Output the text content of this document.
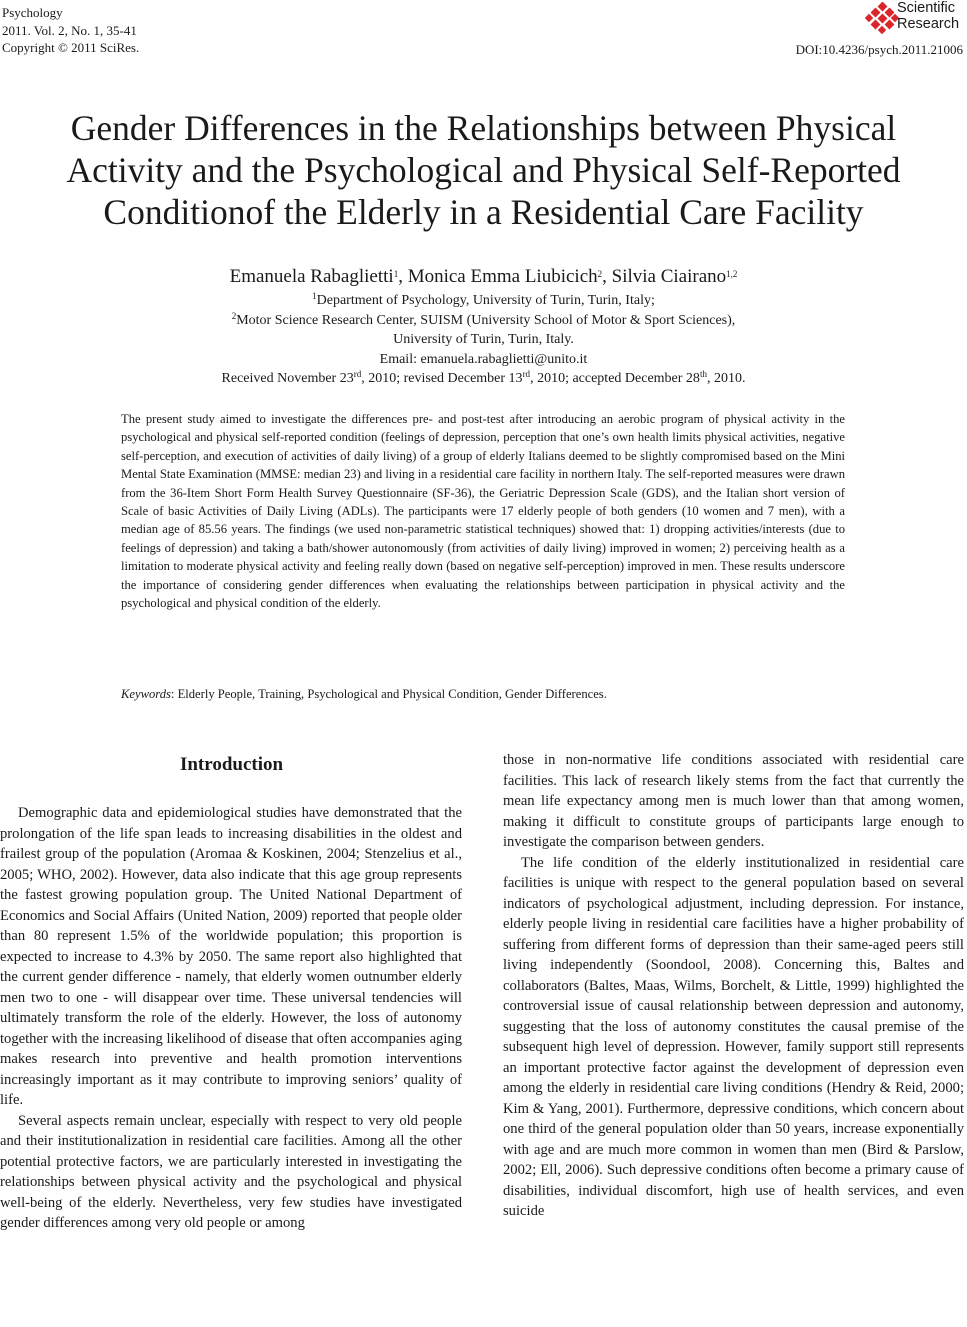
Psychology
2011. Vol. 2, No. 1, 35-41
Copyright © 2011 SciRes.
Scientific
Research
DOI:10.4236/psych.2011.21006
Gender Differences in the Relationships between Physical Activity and the Psychological and Physical Self-Reported Conditionof the Elderly in a Residential Care Facility
Emanuela Rabaglietti$^1$, Monica Emma Liubicich$^2$, Silvia Ciairano$^{1,2}$
$^1$Department of Psychology, University of Turin, Turin, Italy;
$^2$Motor Science Research Center, SUISM (University School of Motor & Sport Sciences),
University of Turin, Turin, Italy.
Email: emanuela.rabaglietti@unito.it
Received November 23rd, 2010; revised December 13rd, 2010; accepted December 28th, 2010.
The present study aimed to investigate the differences pre- and post-test after introducing an aerobic program of physical activity in the psychological and physical self-reported condition (feelings of depression, perception that one’s own health limits physical activities, negative self-perception, and execution of activities of daily living) of a group of elderly Italians deemed to be slightly compromised based on the Mini Mental State Examination (MMSE: median 23) and living in a residential care facility in northern Italy. The self-reported measures were drawn from the 36-Item Short Form Health Survey Questionnaire (SF-36), the Geriatric Depression Scale (GDS), and the Italian short version of Scale of basic Activities of Daily Living (ADLs). The participants were 17 elderly people of both genders (10 women and 7 men), with a median age of 85.56 years. The findings (we used non-parametric statistical techniques) showed that: 1) dropping activities/interests (due to feelings of depression) and taking a bath/shower autonomously (from activities of daily living) improved in women; 2) perceiving health as a limitation to moderate physical activity and feeling really down (based on negative self-perception) improved in men. These results underscore the importance of considering gender differences when evaluating the relationships between participation in physical activity and the psychological and physical condition of the elderly.
Keywords: Elderly People, Training, Psychological and Physical Condition, Gender Differences.
Introduction

Demographic data and epidemiological studies have demonstrated that the prolongation of the life span leads to increasing disabilities in the oldest and frailest group of the population (Aromaa & Koskinen, 2004; Stenzelius et al., 2005; WHO, 2002). However, data also indicate that this age group represents the fastest growing population group. The United National Department of Economics and Social Affairs (United Nation, 2009) reported that people older than 80 represent 1.5% of the worldwide population; this proportion is expected to increase to 4.3% by 2050. The same report also highlighted that the current gender difference - namely, that elderly women outnumber elderly men two to one - will disappear over time. These universal tendencies will ultimately transform the role of the elderly. However, the loss of autonomy together with the increasing likelihood of disease that often accompanies aging makes research into preventive and health promotion interventions increasingly important as it may contribute to improving seniors’ quality of life.

Several aspects remain unclear, especially with respect to very old people and their institutionalization in residential care facilities. Among all the other potential protective factors, we are particularly interested in investigating the relationships between physical activity and the psychological and physical well-being of the elderly. Nevertheless, very few studies have investigated gender differences among very old people or among

those in non-normative life conditions associated with residential care facilities. This lack of research likely stems from the fact that currently the mean life expectancy among men is much lower than that among women, making it difficult to constitute groups of participants large enough to investigate the comparison between genders.

The life condition of the elderly institutionalized in residential care facilities is unique with respect to the general population based on several indicators of psychological adjustment, including depression. For instance, elderly people living in residential care facilities have a higher probability of suffering from different forms of depression than their same-aged peers still living independently (Soondool, 2008). Concerning this, Baltes and collaborators (Baltes, Maas, Wilms, Borchelt, & Little, 1999) highlighted the controversial issue of causal relationship between depression and autonomy, suggesting that the loss of autonomy constitutes the causal premise of the subsequent high level of depression. However, family support still represents an important protective factor against the development of depression even among the elderly in residential care living conditions (Hendry & Reid, 2000; Kim & Yang, 2001). Furthermore, depressive conditions, which concern about one third of the general population older than 50 years, increase exponentially with age and are much more common in women than men (Bird & Parslow, 2002; Ell, 2006). Such depressive conditions often become a primary cause of disabilities, individual discomfort, high use of health services, and even suicide
